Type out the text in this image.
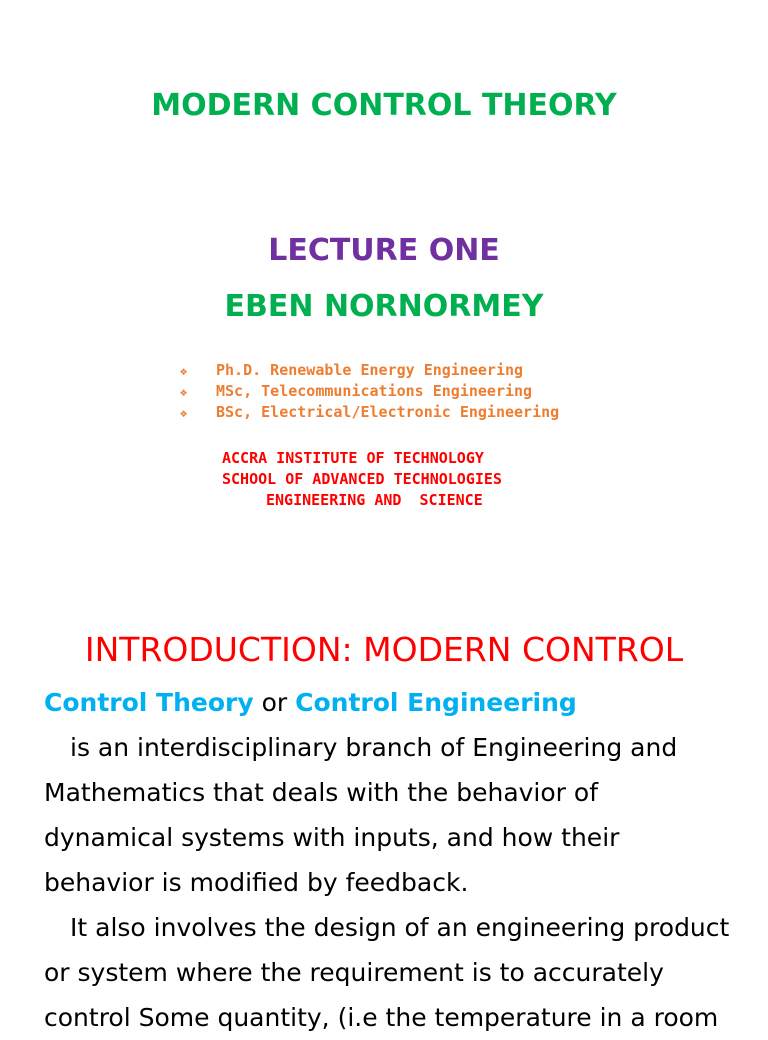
MODERN CONTROL THEORY
LECTURE ONE
EBEN NORNORMEY
❖ Ph.D. Renewable Energy Engineering
❖ MSc, Telecommunications Engineering
❖ BSc, Electrical/Electronic Engineering
ACCRA INSTITUTE OF TECHNOLOGY
SCHOOL OF ADVANCED TECHNOLOGIES
ENGINEERING AND  SCIENCE
INTRODUCTION: MODERN CONTROL
Control Theory or Control Engineering
is an interdisciplinary branch of Engineering and
Mathematics that deals with the behavior of
dynamical systems with inputs, and how their
behavior is modified by feedback.
It also involves the design of an engineering product
or system where the requirement is to accurately
control Some quantity, (i.e the temperature in a room
